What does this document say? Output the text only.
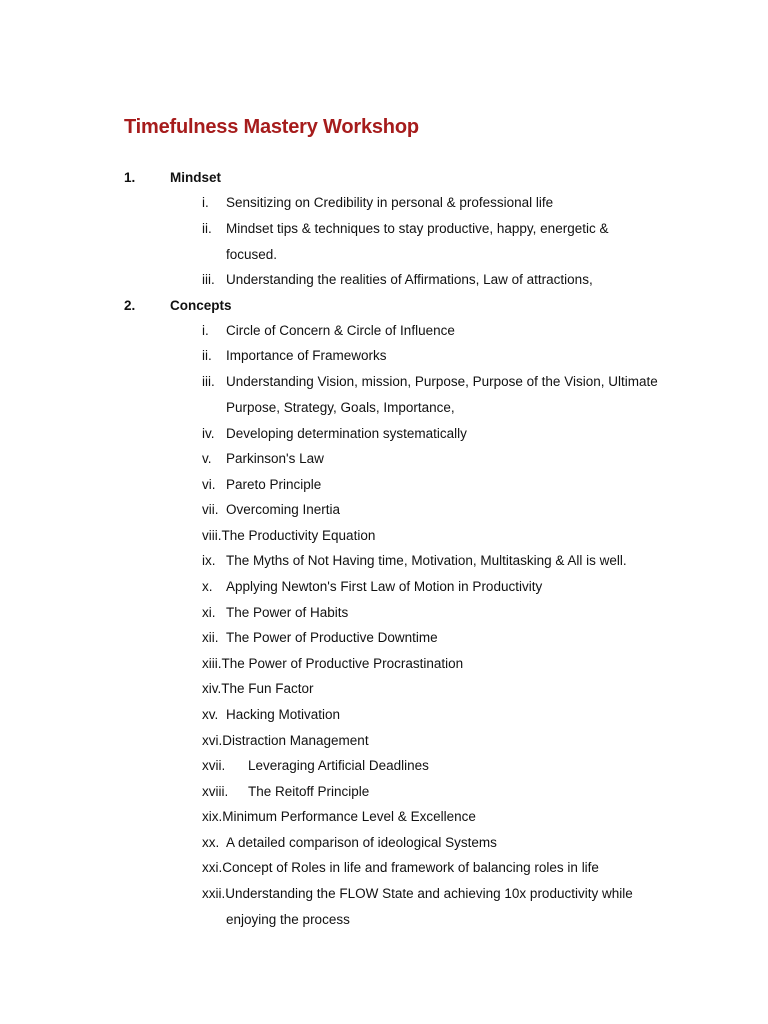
Timefulness Mastery Workshop
1.	Mindset
i. Sensitizing on Credibility in personal & professional life
ii. Mindset tips & techniques to stay productive, happy, energetic &
focused.
iii. Understanding the realities of Affirmations, Law of attractions,
2.	Concepts
i. Circle of Concern & Circle of Influence
ii. Importance of Frameworks
iii. Understanding Vision, mission, Purpose, Purpose of the Vision, Ultimate
Purpose, Strategy, Goals, Importance,
iv. Developing determination systematically
v. Parkinson's Law
vi. Pareto Principle
vii. Overcoming Inertia
viii.The Productivity Equation
ix. The Myths of Not Having time, Motivation, Multitasking & All is well.
x. Applying Newton's First Law of Motion in Productivity
xi. The Power of Habits
xii. The Power of Productive Downtime
xiii.The Power of Productive Procrastination
xiv.The Fun Factor
xv. Hacking Motivation
xvi.Distraction Management
xvii. Leveraging Artificial Deadlines
xviii. The Reitoff Principle
xix.Minimum Performance Level & Excellence
xx. A detailed comparison of ideological Systems
xxi.Concept of Roles in life and framework of balancing roles in life
xxii.Understanding the FLOW State and achieving 10x productivity while
enjoying the process
